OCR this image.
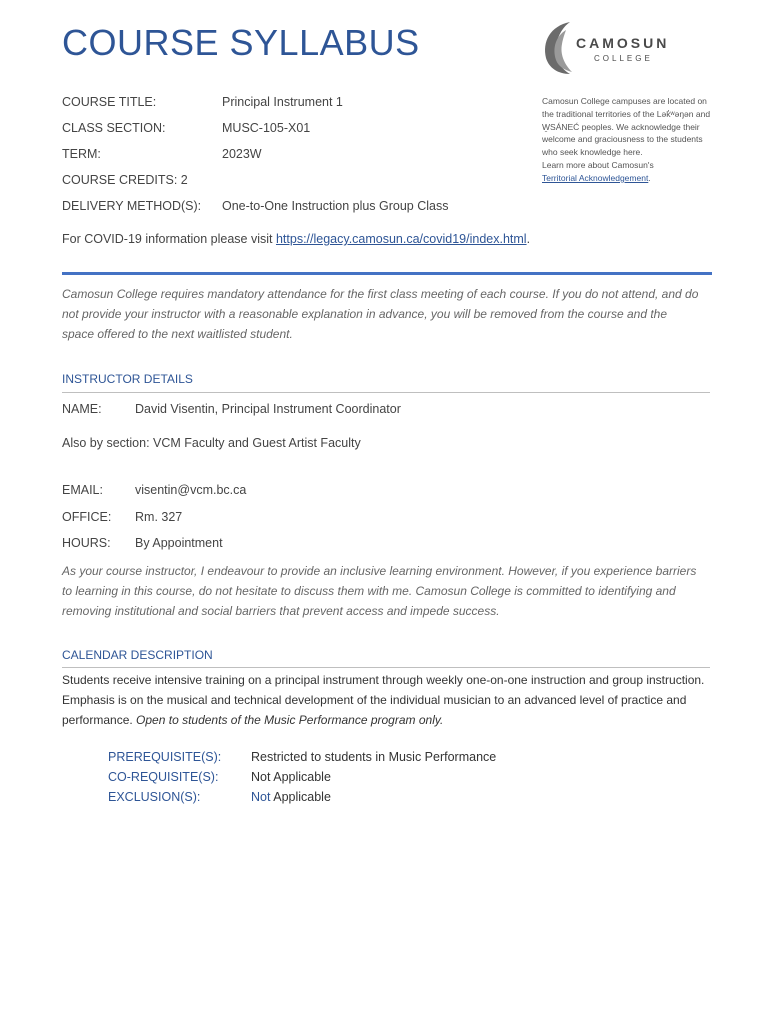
COURSE SYLLABUS	CAMOSUN
COLLEGE
COURSE TITLE:	Principal Instrument 1
CLASS SECTION:	MUSC-105-X01
TERM:	2023W
COURSE CREDITS: 2
DELIVERY METHOD(S): One-to-One Instruction plus Group Class
Camosun College campuses are located on the traditional territories of the Lək̓ʷəŋən and W̱SÁNEĆ peoples. We acknowledge their welcome and graciousness to the students who seek knowledge here.
Learn more about Camosun's
Territorial Acknowledgement.
For COVID-19 information please visit https://legacy.camosun.ca/covid19/index.html.

Camosun College requires mandatory attendance for the first class meeting of each course. If you do not attend, and do not provide your instructor with a reasonable explanation in advance, you will be removed from the course and the space offered to the next waitlisted student.

INSTRUCTOR DETAILS
NAME:	David Visentin, Principal Instrument Coordinator
Also by section: VCM Faculty and Guest Artist Faculty
EMAIL:	visentin@vcm.bc.ca
OFFICE: Rm. 327
HOURS: By Appointment

As your course instructor, I endeavour to provide an inclusive learning environment. However, if you experience barriers to learning in this course, do not hesitate to discuss them with me. Camosun College is committed to identifying and removing institutional and social barriers that prevent access and impede success.

CALENDAR DESCRIPTION

Students receive intensive training on a principal instrument through weekly one-on-one instruction and group instruction. Emphasis is on the musical and technical development of the individual musician to an advanced level of practice and performance. Open to students of the Music Performance program only.

PREREQUISITE(S): Restricted to students in Music Performance
CO-REQUISITE(S):	Not Applicable
EXCLUSION(S):	Not Applicable
